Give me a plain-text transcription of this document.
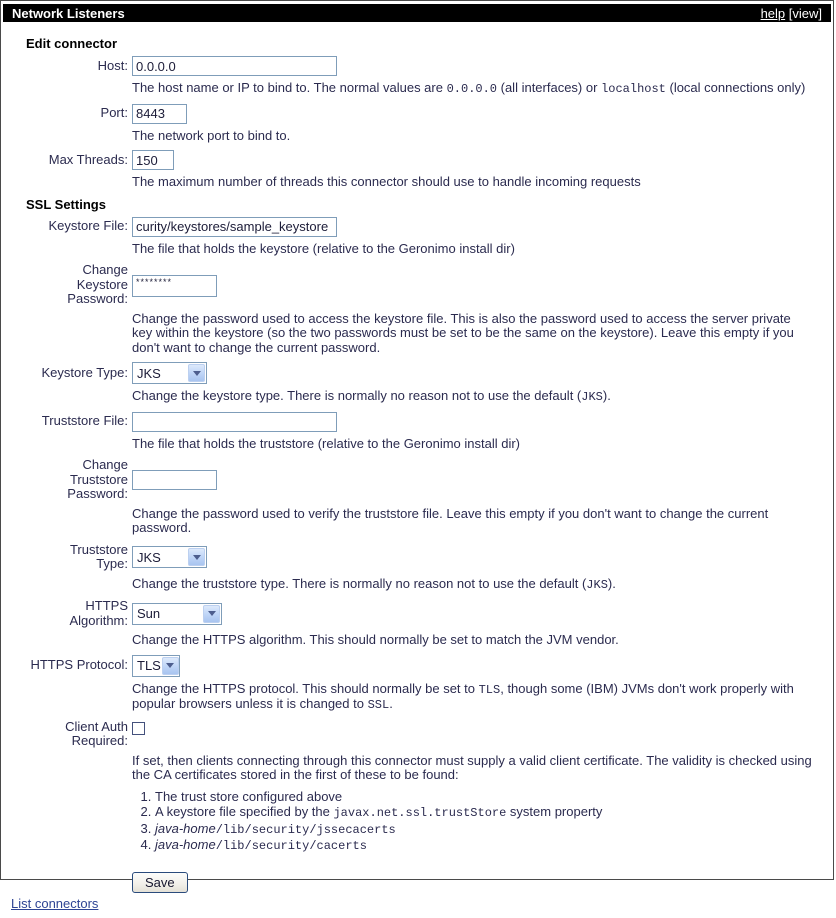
Network Listeners	help [view]
Edit connector
Host:
0.0.0.0
The host name or IP to bind to. The normal values are 0.0.0.0 (all interfaces) or localhost (local connections only)
Port:
8443
The network port to bind to.
Max Threads:
150
The maximum number of threads this connector should use to handle incoming requests
SSL Settings
Keystore File:
curity/keystores/sample_keystore
The file that holds the keystore (relative to the Geronimo install dir)
Change
Keystore
Password:
********
Change the password used to access the keystore file. This is also the password used to access the server private key within the keystore (so the two passwords must be set to be the same on the keystore). Leave this empty if you don't want to change the current password.
Keystore Type: JKS
Change the keystore type. There is normally no reason not to use the default (JKS).
Truststore File:
The file that holds the truststore (relative to the Geronimo install dir)
Change
Truststore
Password:
Change the password used to verify the truststore file. Leave this empty if you don't want to change the current password.
Truststore
Type: JKS
Change the truststore type. There is normally no reason not to use the default (JKS).
HTTPS
Algorithm: Sun
Change the HTTPS algorithm. This should normally be set to match the JVM vendor.
HTTPS Protocol: TLS
Change the HTTPS protocol. This should normally be set to TLS, though some (IBM) JVMs don't work properly with popular browsers unless it is changed to SSL.
Client Auth
Required:
If set, then clients connecting through this connector must supply a valid client certificate. The validity is checked using the CA certificates stored in the first of these to be found:
1. The trust store configured above
2. A keystore file specified by the javax.net.ssl.trustStore system property
3. java-home/lib/security/jssecacerts
4. java-home/lib/security/cacerts
Save
List connectors
